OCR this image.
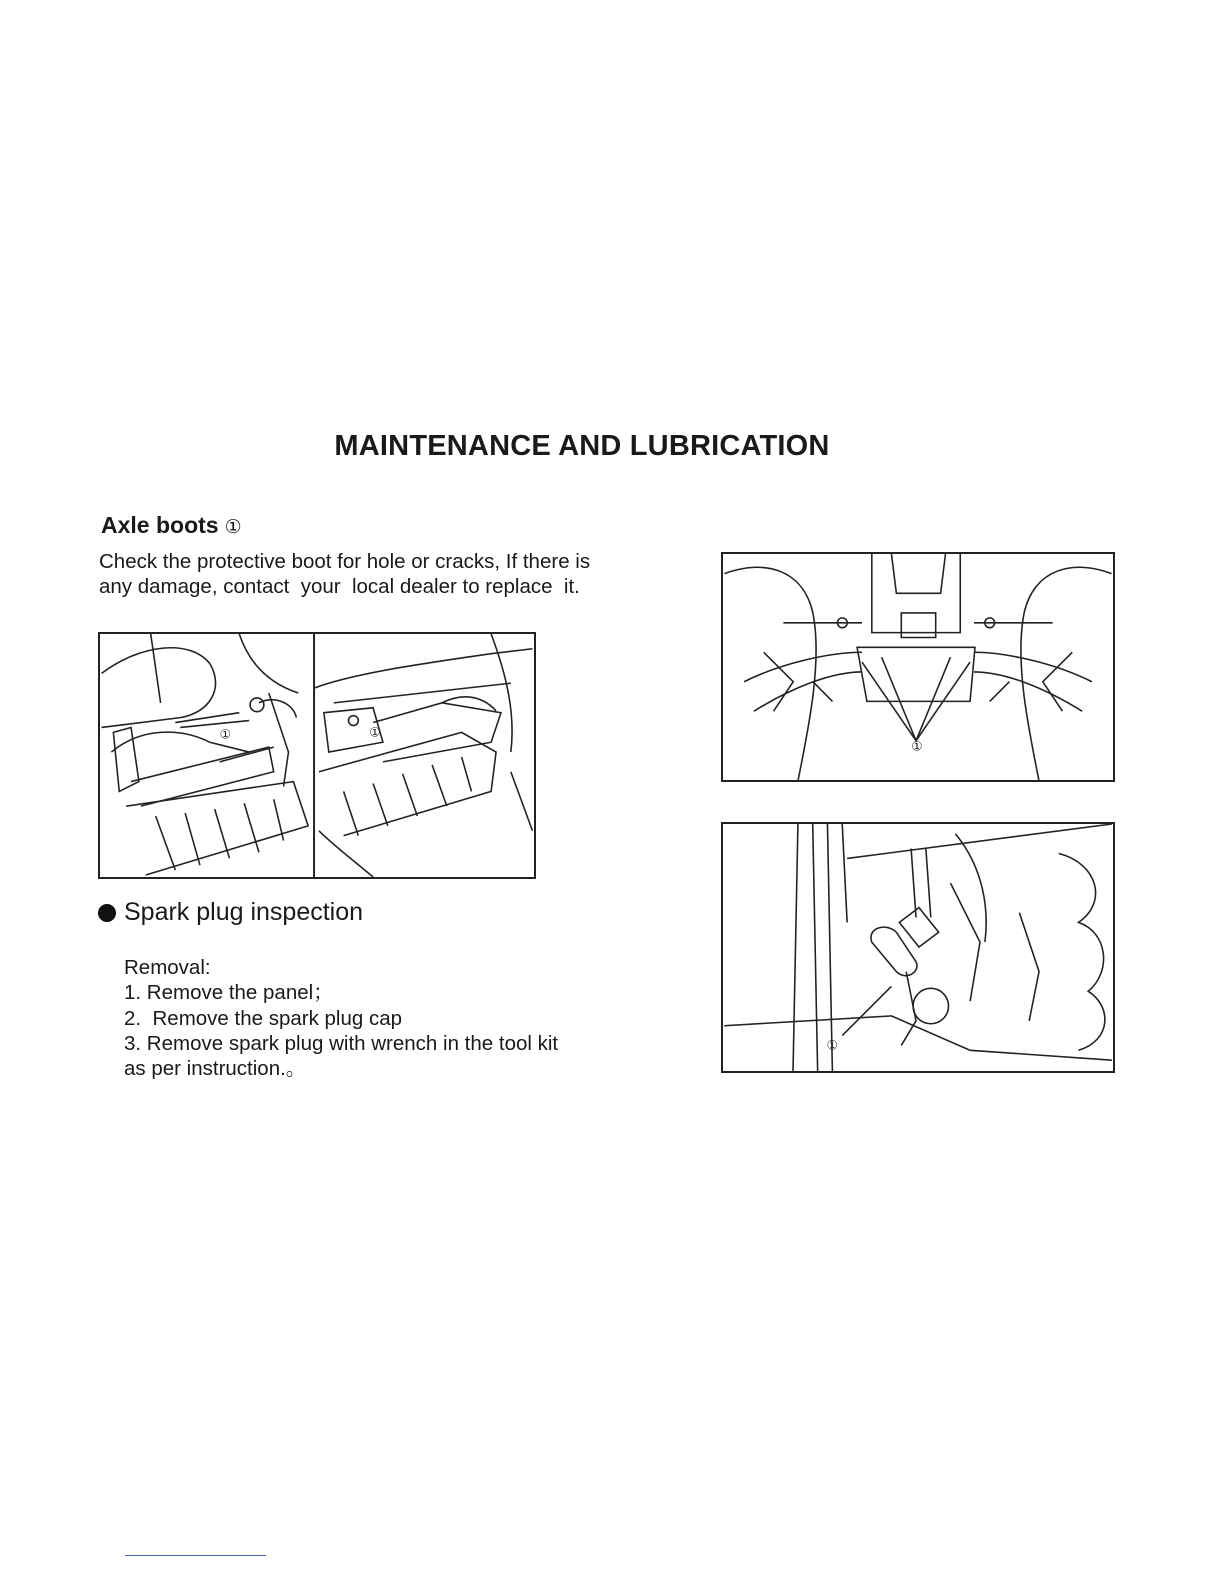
MAINTENANCE AND LUBRICATION
Axle boots ①
Check the protective boot for hole or cracks, If there is
any damage, contact  your  local dealer to replace  it.
①	①
①
①
Spark plug inspection
Removal:
1. Remove the panel；
2.  Remove the spark plug cap
3. Remove spark plug with wrench in the tool kit
as per instruction.。
